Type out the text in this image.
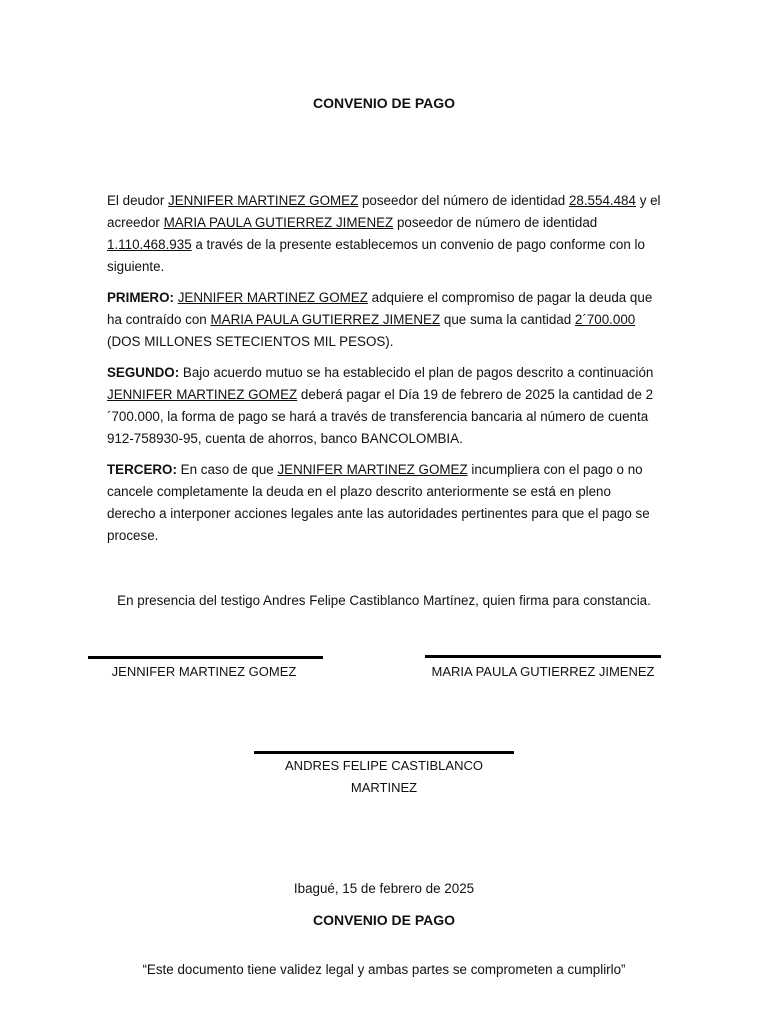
CONVENIO DE PAGO

El deudor JENNIFER MARTINEZ GOMEZ poseedor del número de identidad 28.554.484 y el acreedor MARIA PAULA GUTIERREZ JIMENEZ poseedor de número de identidad 1.110.468.935 a través de la presente establecemos un convenio de pago conforme con lo siguiente.

PRIMERO: JENNIFER MARTINEZ GOMEZ adquiere el compromiso de pagar la deuda que ha contraído con MARIA PAULA GUTIERREZ JIMENEZ que suma la cantidad 2´700.000 (DOS MILLONES SETECIENTOS MIL PESOS).

SEGUNDO: Bajo acuerdo mutuo se ha establecido el plan de pagos descrito a continuación JENNIFER MARTINEZ GOMEZ deberá pagar el Día 19 de febrero de 2025 la cantidad de 2´700.000, la forma de pago se hará a través de transferencia bancaria al número de cuenta 912-758930-95, cuenta de ahorros, banco BANCOLOMBIA.

TERCERO: En caso de que JENNIFER MARTINEZ GOMEZ incumpliera con el pago o no cancele completamente la deuda en el plazo descrito anteriormente se está en pleno derecho a interponer acciones legales ante las autoridades pertinentes para que el pago se procese.

En presencia del testigo Andres Felipe Castiblanco Martínez, quien firma para constancia.
JENNIFER MARTINEZ GOMEZ	MARIA PAULA GUTIERREZ JIMENEZ
ANDRES FELIPE CASTIBLANCO MARTINEZ
Ibagué, 15 de febrero de 2025
CONVENIO DE PAGO
“Este documento tiene validez legal y ambas partes se comprometen a cumplirlo”
